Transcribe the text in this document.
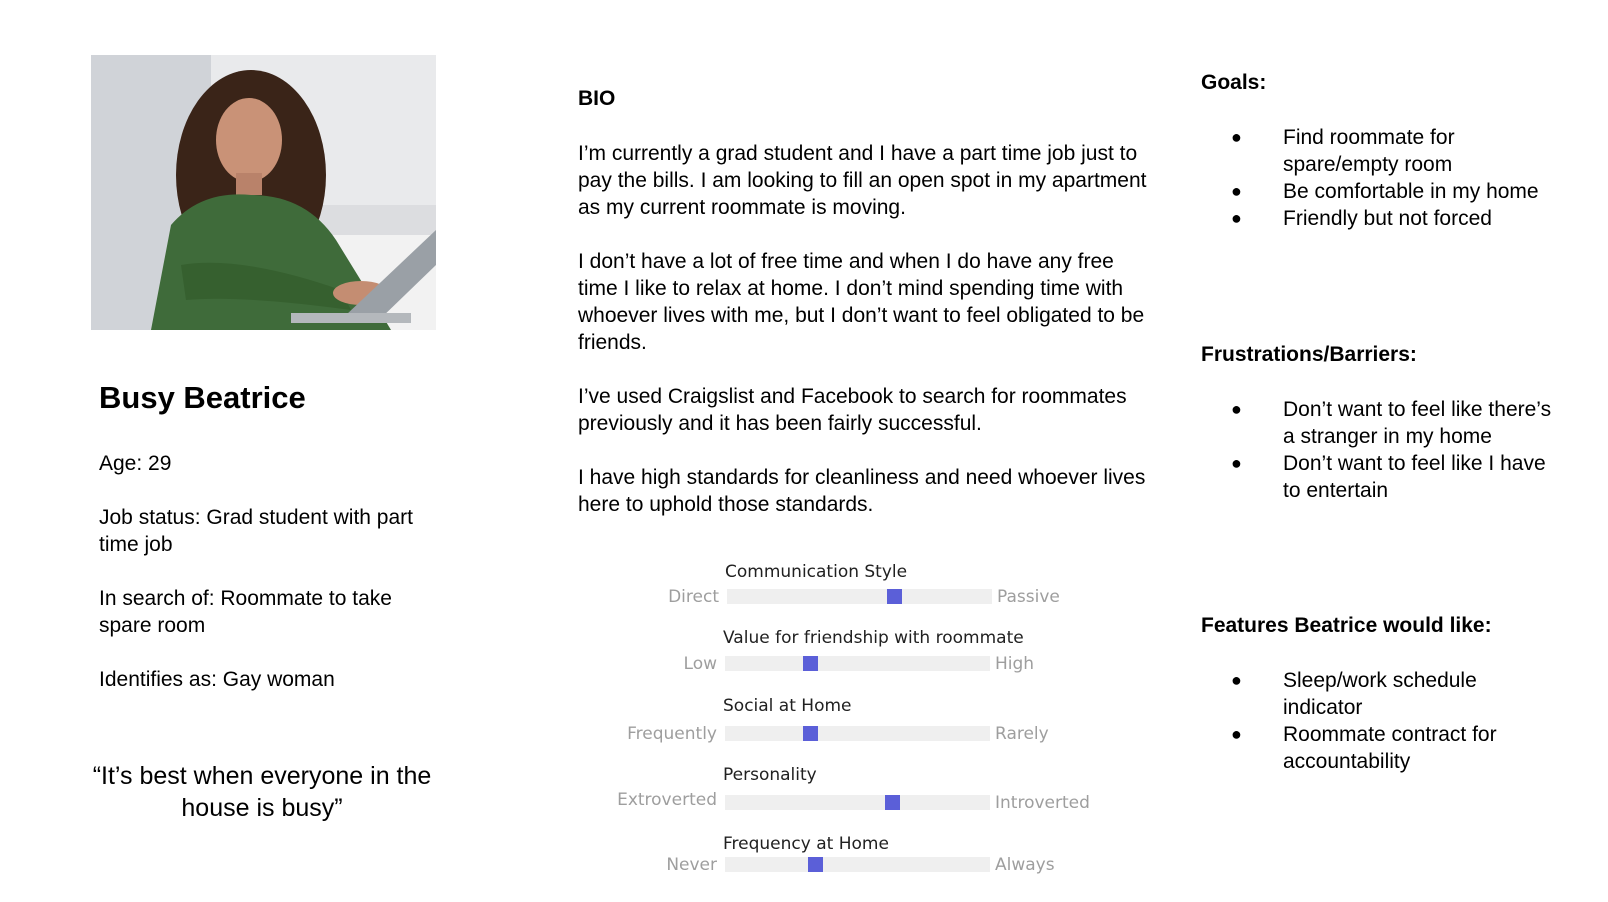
Busy Beatrice

Age: 29

Job status: Grad student with part time job

In search of: Roommate to take spare room

Identifies as: Gay woman

“It’s best when everyone in the house is busy”
BIO

I’m currently a grad student and I have a part time job just to pay the bills. I am looking to fill an open spot in my apartment as my current roommate is moving.

I don’t have a lot of free time and when I do have any free time I like to relax at home. I don’t mind spending time with whoever lives with me, but I don’t want to feel obligated to be friends.

I’ve used Craigslist and Facebook to search for roommates previously and it has been fairly successful.

I have high standards for cleanliness and need whoever lives here to uphold those standards.

Communication Style
Direct	Passive
Value for friendship with roommate
Low	High
Social at Home
Frequently	Rarely
Personality
Extroverted	Introverted
Frequency at Home
Never	Always
Goals:
● Find roommate for spare/empty room
● Be comfortable in my home
● Friendly but not forced
Frustrations/Barriers:
● Don’t want to feel like there’s a stranger in my home
● Don’t want to feel like I have to entertain
Features Beatrice would like:
● Sleep/work schedule indicator
● Roommate contract for accountability
